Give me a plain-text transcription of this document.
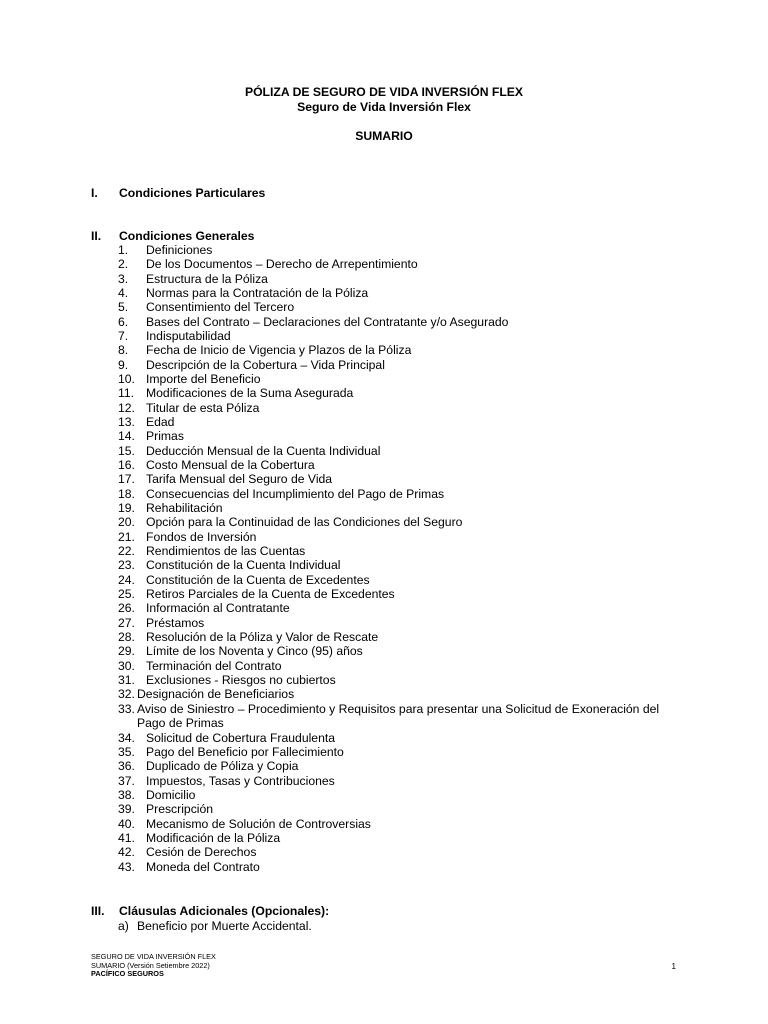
PÓLIZA DE SEGURO DE VIDA INVERSIÓN FLEX
Seguro de Vida Inversión Flex
SUMARIO
I. Condiciones Particulares
II. Condiciones Generales
1.	Definiciones
2.	De los Documentos – Derecho de Arrepentimiento
3.	Estructura de la Póliza
4.	Normas para la Contratación de la Póliza
5.	Consentimiento del Tercero
6.	Bases del Contrato – Declaraciones del Contratante y/o Asegurado
7.	Indisputabilidad
8.	Fecha de Inicio de Vigencia y Plazos de la Póliza
9.	Descripción de la Cobertura – Vida Principal
10. Importe del Beneficio
11. Modificaciones de la Suma Asegurada
12. Titular de esta Póliza
13. Edad
14. Primas
15. Deducción Mensual de la Cuenta Individual
16. Costo Mensual de la Cobertura
17. Tarifa Mensual del Seguro de Vida
18. Consecuencias del Incumplimiento del Pago de Primas
19. Rehabilitación
20. Opción para la Continuidad de las Condiciones del Seguro
21. Fondos de Inversión
22. Rendimientos de las Cuentas
23. Constitución de la Cuenta Individual
24. Constitución de la Cuenta de Excedentes
25. Retiros Parciales de la Cuenta de Excedentes
26. Información al Contratante
27. Préstamos
28. Resolución de la Póliza y Valor de Rescate
29. Límite de los Noventa y Cinco (95) años
30. Terminación del Contrato
31. Exclusiones - Riesgos no cubiertos
32. Designación de Beneficiarios
33. Aviso de Siniestro – Procedimiento y Requisitos para presentar una Solicitud de Exoneración del Pago de Primas
34. Solicitud de Cobertura Fraudulenta
35. Pago del Beneficio por Fallecimiento
36. Duplicado de Póliza y Copia
37. Impuestos, Tasas y Contribuciones
38. Domicilio
39. Prescripción
40. Mecanismo de Solución de Controversias
41. Modificación de la Póliza
42. Cesión de Derechos
43. Moneda del Contrato
III. Cláusulas Adicionales (Opcionales):
a) Beneficio por Muerte Accidental.
SEGURO DE VIDA INVERSIÓN FLEX
SUMARIO (Versión Setiembre 2022)
PACÍFICO SEGUROS
1
